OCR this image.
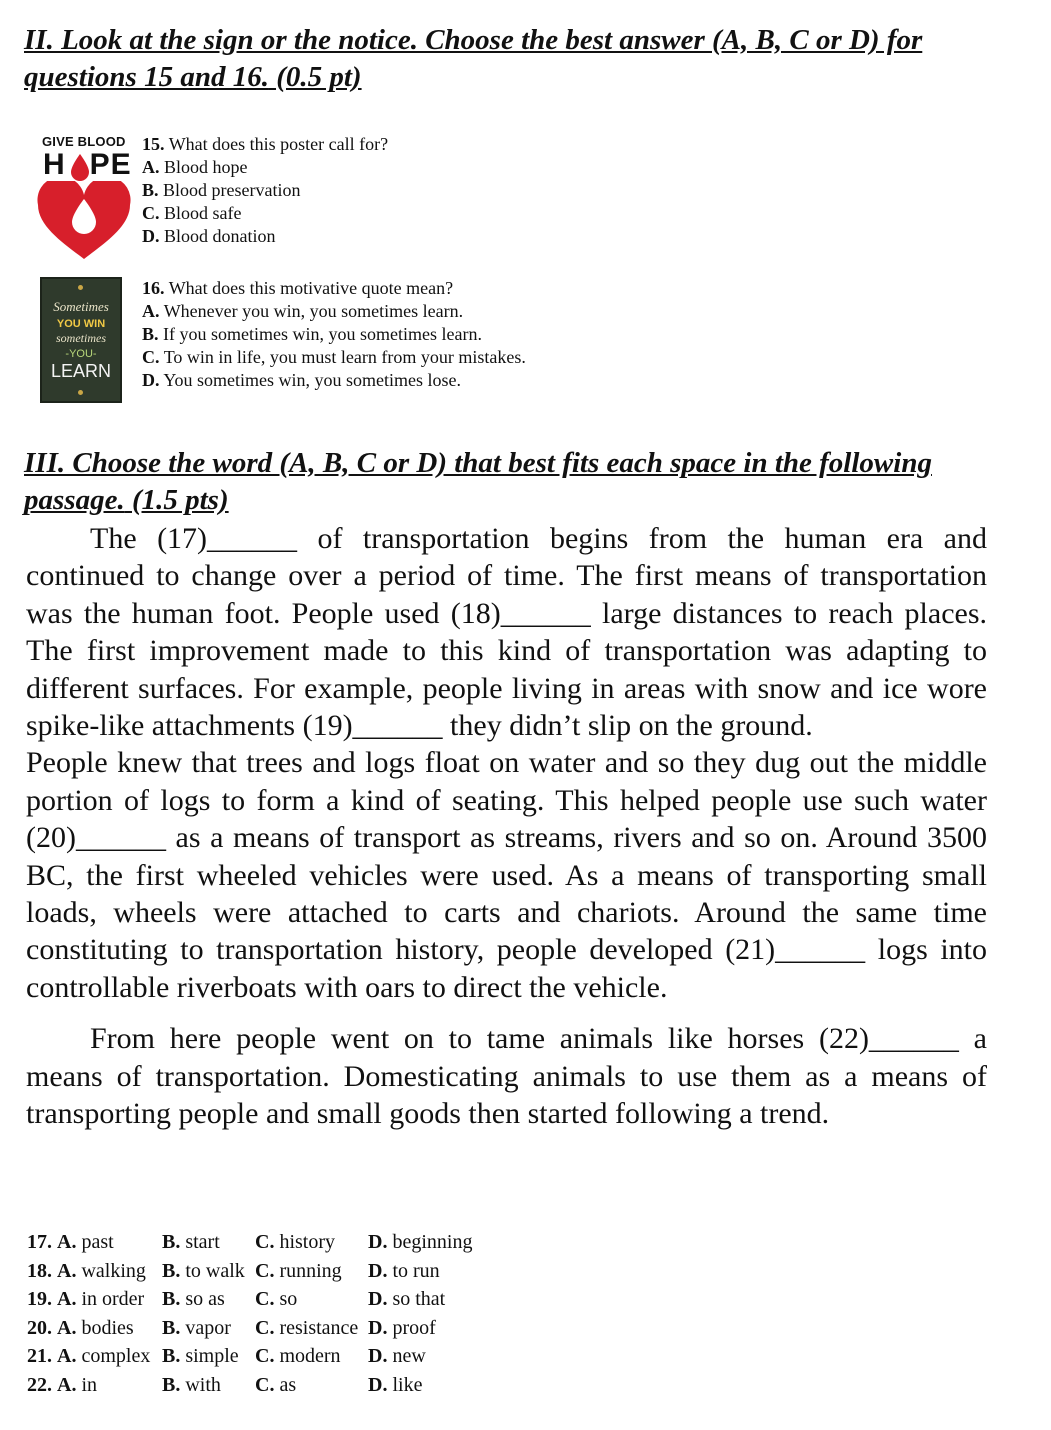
II. Look at the sign or the notice. Choose the best answer (A, B, C or D) for questions 15 and 16. (0.5 pt)
GIVE BLOOD
H PE
15. What does this poster call for?
A. Blood hope
B. Blood preservation
C. Blood safe
D. Blood donation
Sometimes
YOU WIN
sometimes
-YOU-
LEARN
16. What does this motivative quote mean?
A. Whenever you win, you sometimes learn.
B. If you sometimes win, you sometimes learn.
C. To win in life, you must learn from your mistakes.
D. You sometimes win, you sometimes lose.
III. Choose the word (A, B, C or D) that best fits each space in the following passage. (1.5 pts)

The (17)______ of transportation begins from the human era and continued to change over a period of time. The first means of transportation was the human foot. People used (18)______ large distances to reach places. The first improvement made to this kind of transportation was adapting to different surfaces. For example, people living in areas with snow and ice wore spike-like attachments (19)______ they didn’t slip on the ground.

People knew that trees and logs float on water and so they dug out the middle portion of logs to form a kind of seating. This helped people use such water (20)______ as a means of transport as streams, rivers and so on. Around 3500 BC, the first wheeled vehicles were used. As a means of transporting small loads, wheels were attached to carts and chariots. Around the same time constituting to transportation history, people developed (21)______ logs into controllable riverboats with oars to direct the vehicle.

From here people went on to tame animals like horses (22)______ a means of transportation. Domesticating animals to use them as a means of transporting people and small goods then started following a trend.

17. A. past B. start C. history D. beginning
18. A. walking B. to walk C. running D. to run
19. A. in order B. so as C. so	D. so that
20. A. bodies B. vapor C. resistance D. proof
21. A. complex B. simple C. modern D. new
22. A. in	B. with C. as	D. like
